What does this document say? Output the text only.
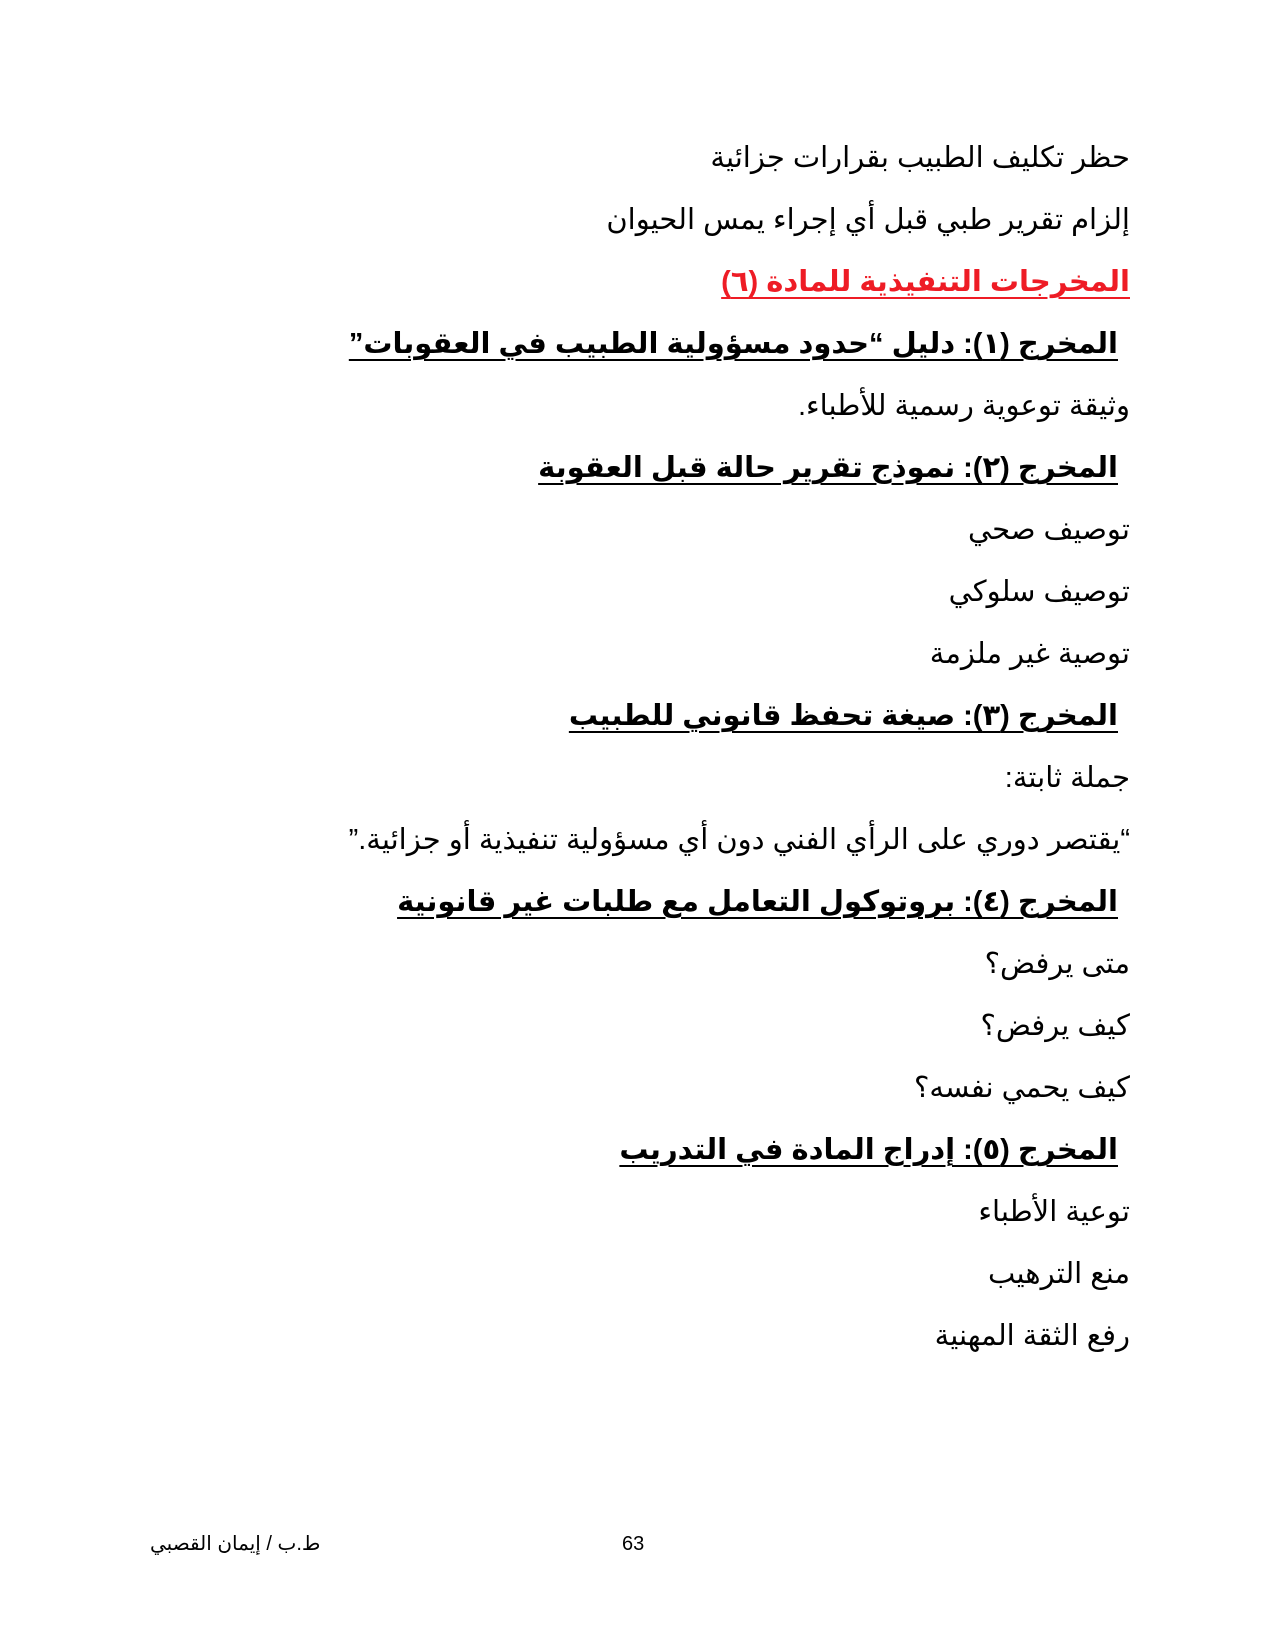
حظر تكليف الطبيب بقرارات جزائية
إلزام تقرير طبي قبل أي إجراء يمس الحيوان
المخرجات التنفيذية للمادة (٦)
المخرج (١): دليل “حدود مسؤولية الطبيب في العقوبات”
وثيقة توعوية رسمية للأطباء.
المخرج (٢): نموذج تقرير حالة قبل العقوبة
توصيف صحي
توصيف سلوكي
توصية غير ملزمة
المخرج (٣): صيغة تحفظ قانوني للطبيب
جملة ثابتة:
“يقتصر دوري على الرأي الفني دون أي مسؤولية تنفيذية أو جزائية.”
المخرج (٤): بروتوكول التعامل مع طلبات غير قانونية
متى يرفض؟
كيف يرفض؟
كيف يحمي نفسه؟
المخرج (٥): إدراج المادة في التدريب
توعية الأطباء
منع الترهيب
رفع الثقة المهنية
ط.ب / إيمان القصبي	63
